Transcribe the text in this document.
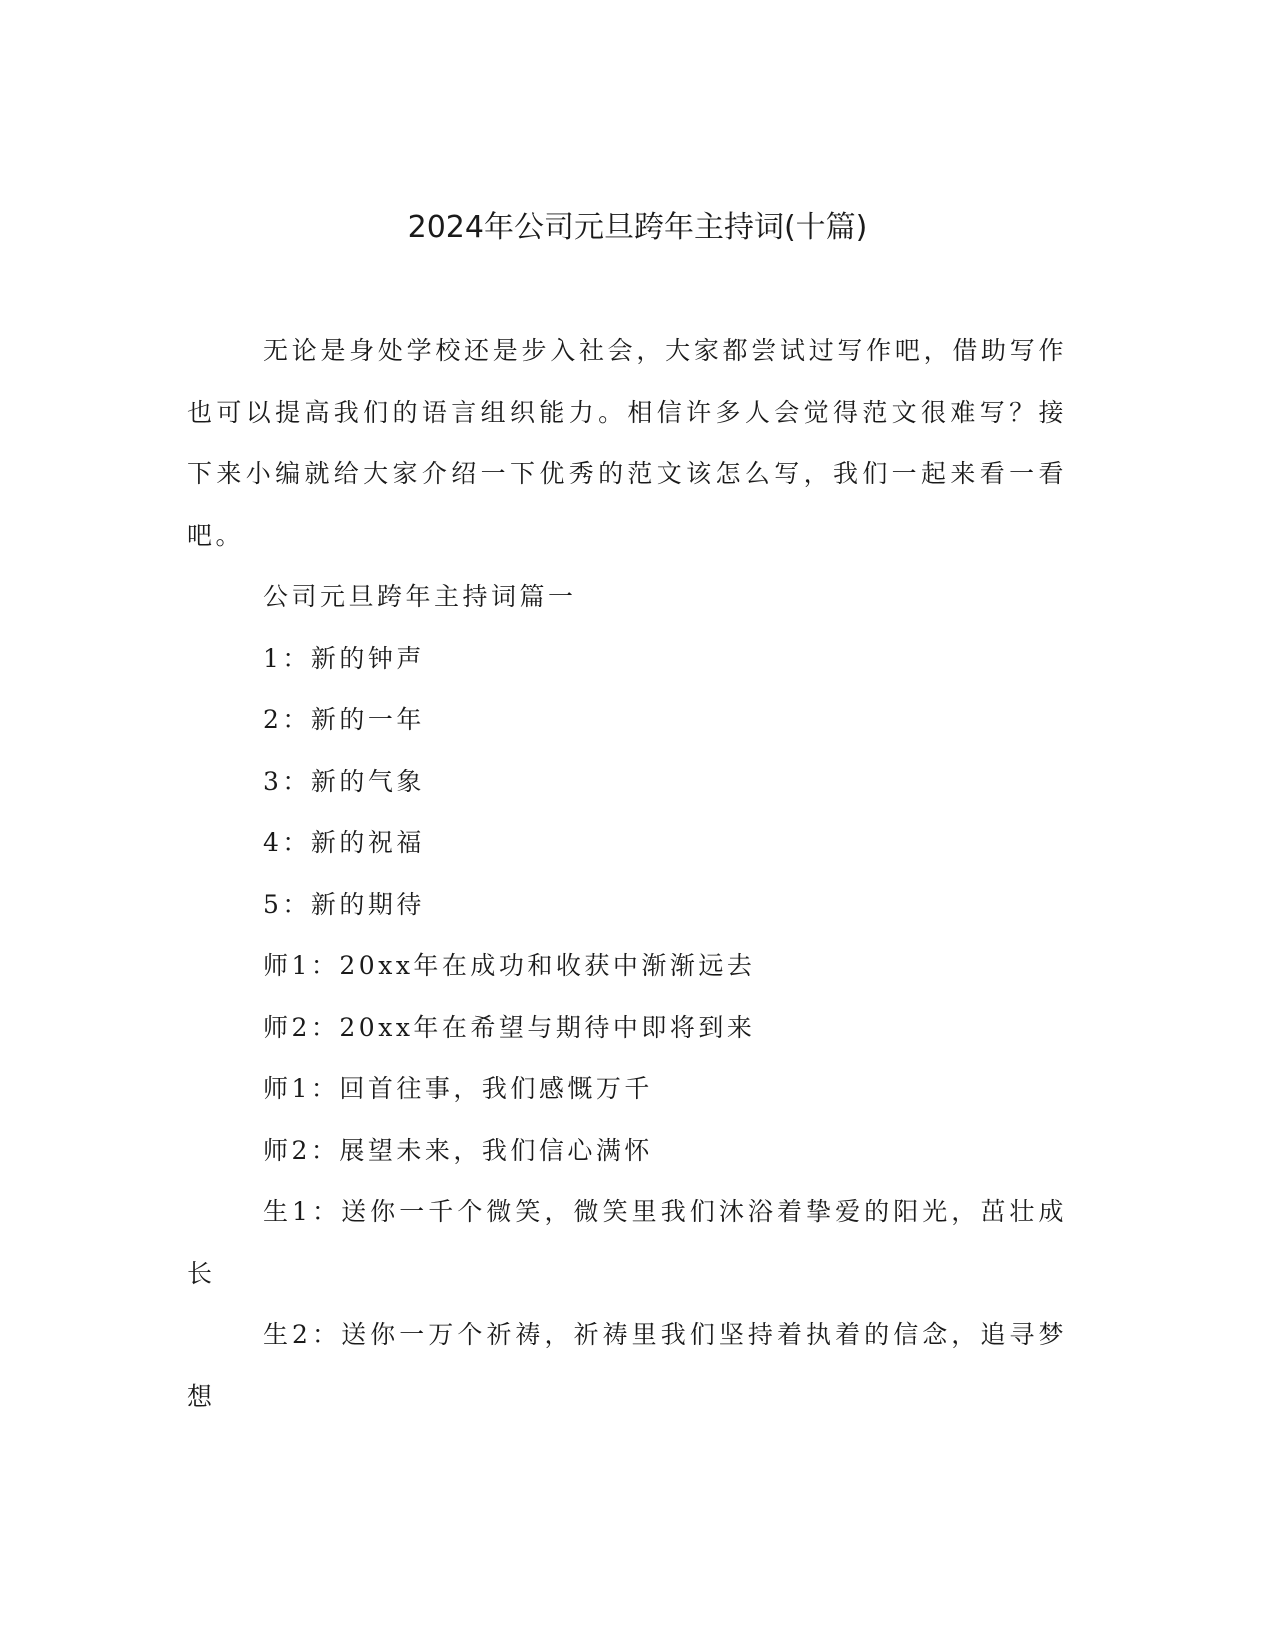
2024年公司元旦跨年主持词(十篇)

无论是身处学校还是步入社会，大家都尝试过写作吧，借助写作也可以提高我们的语言组织能力。相信许多人会觉得范文很难写？接下来小编就给大家介绍一下优秀的范文该怎么写，我们一起来看一看吧。

公司元旦跨年主持词篇一

1：新的钟声

2：新的一年

3：新的气象

4：新的祝福

5：新的期待

师1：20xx年在成功和收获中渐渐远去

师2：20xx年在希望与期待中即将到来

师1：回首往事，我们感慨万千

师2：展望未来，我们信心满怀

生1：送你一千个微笑，微笑里我们沐浴着挚爱的阳光，茁壮成长

生2：送你一万个祈祷，祈祷里我们坚持着执着的信念，追寻梦想
